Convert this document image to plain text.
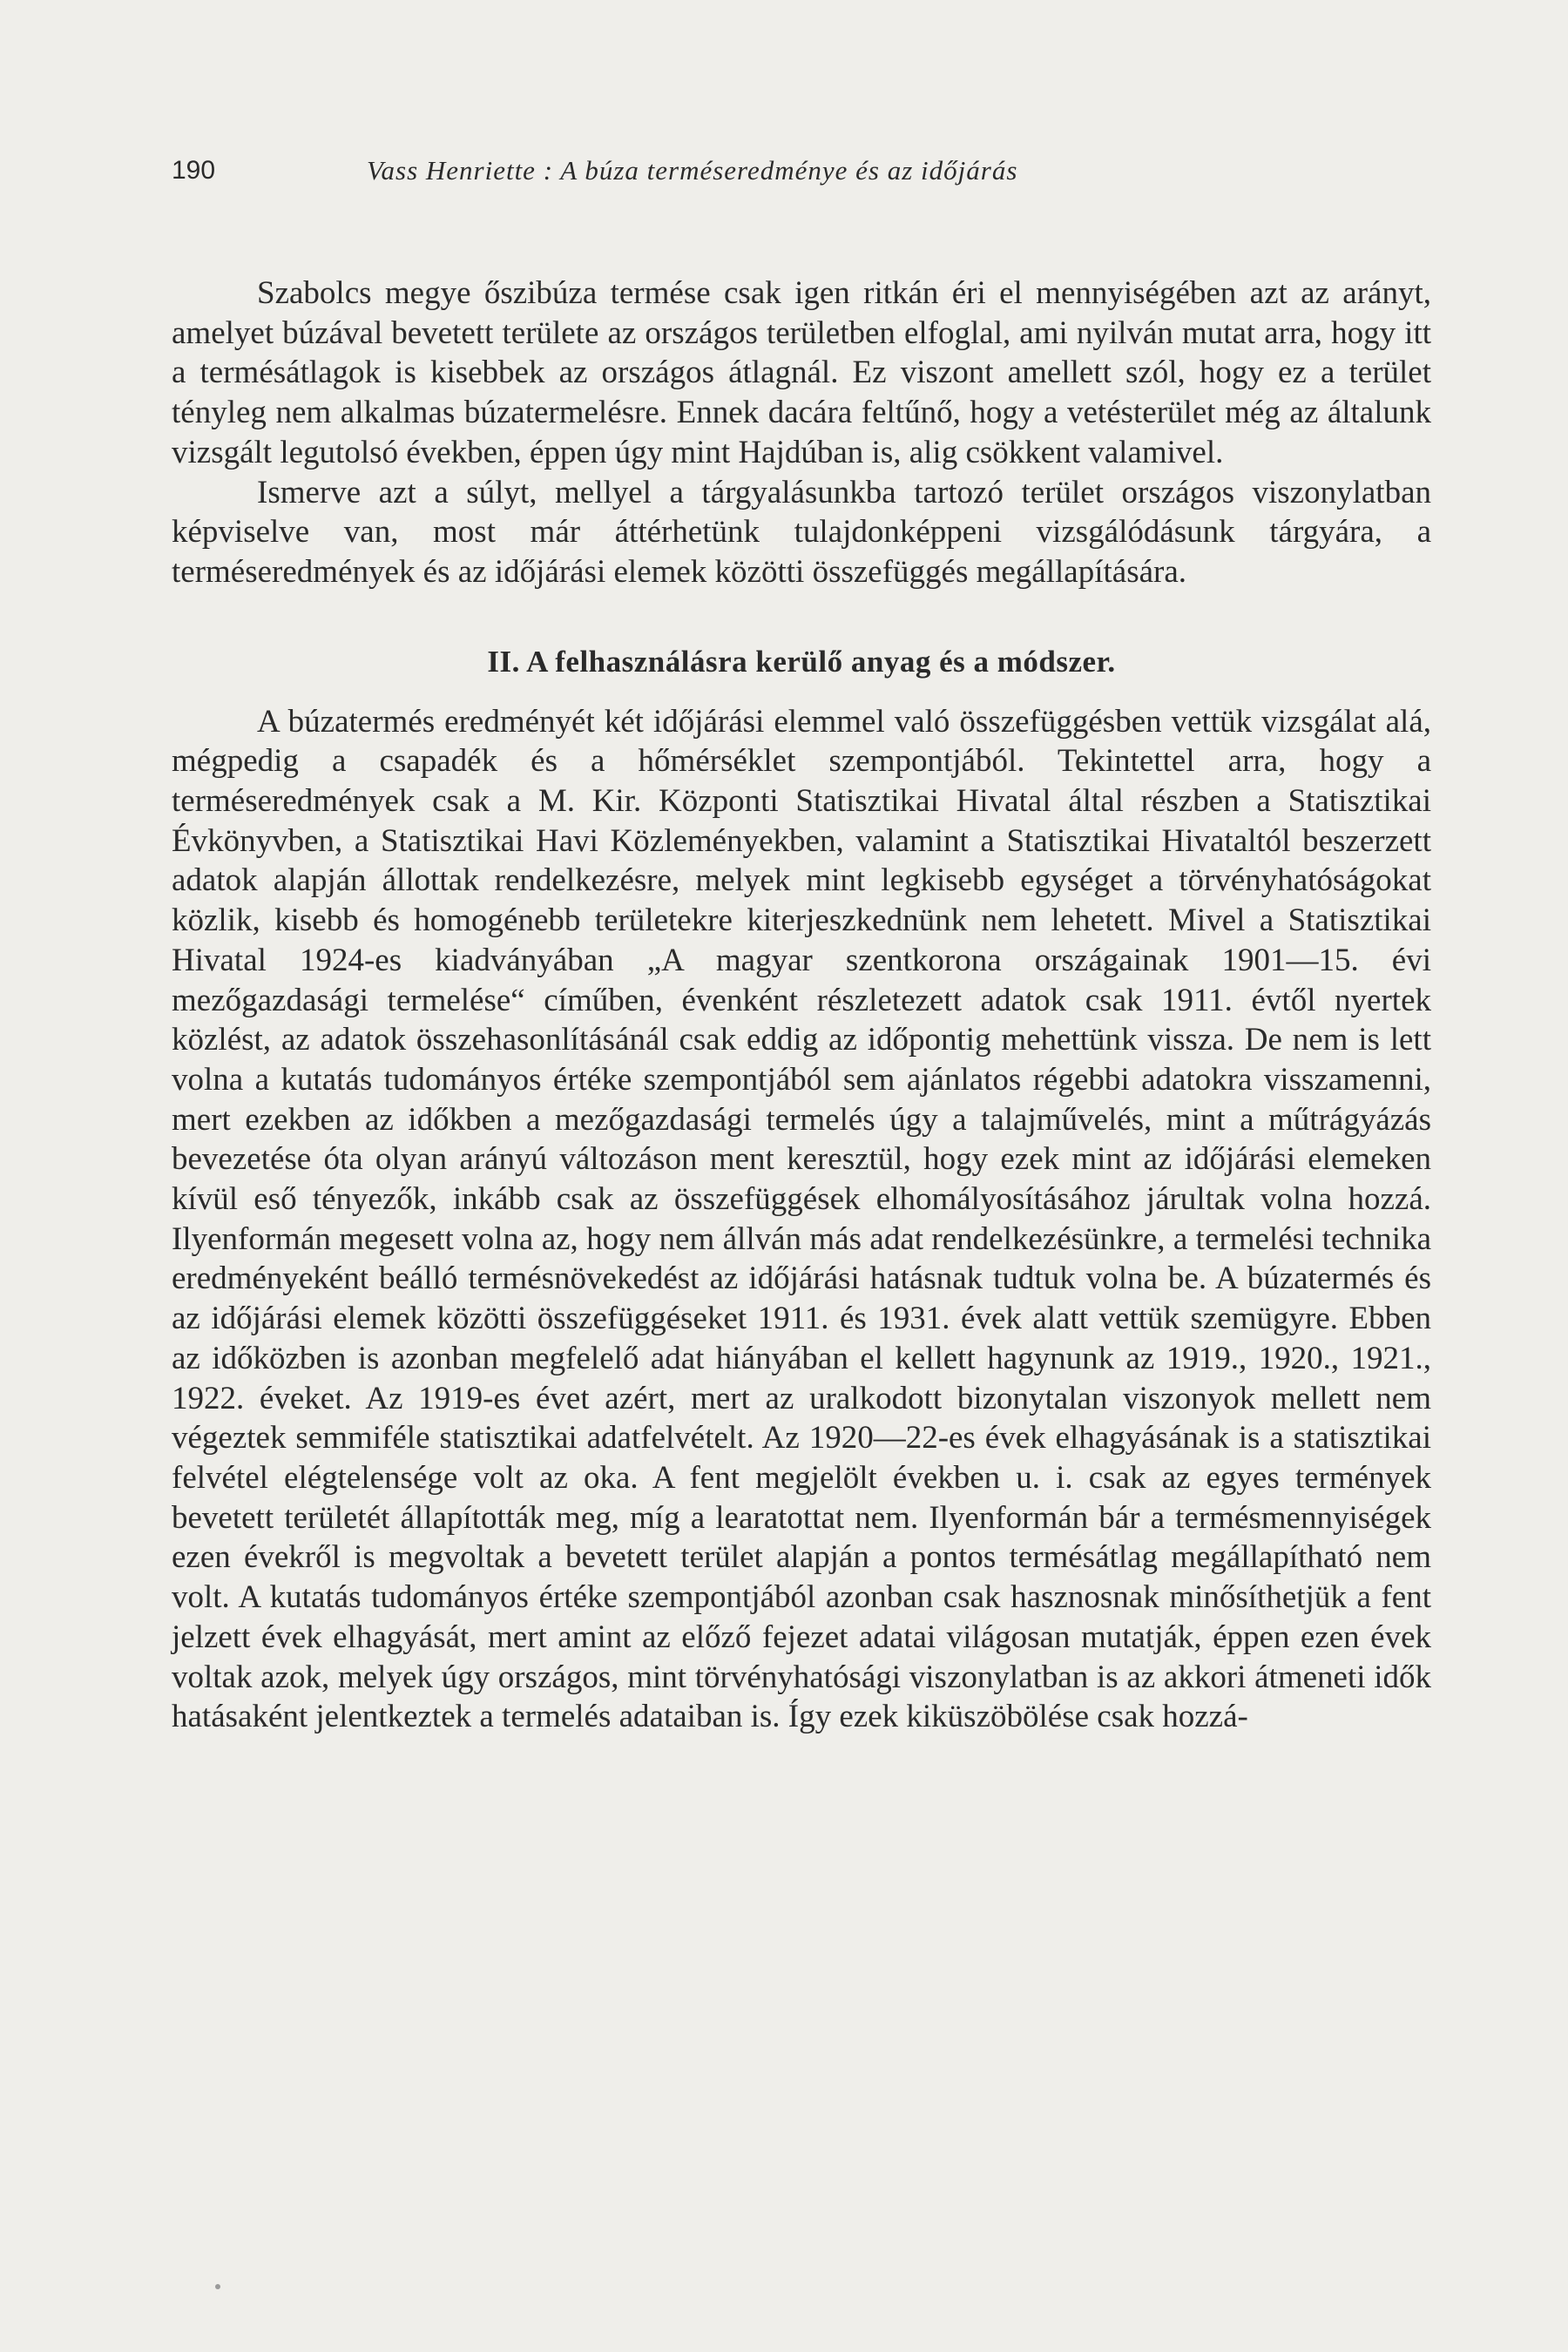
190	Vass Henriette : A búza terméseredménye és az időjárás

Szabolcs megye őszibúza termése csak igen ritkán éri el mennyiségében azt az arányt, amelyet búzával bevetett területe az országos területben elfoglal, ami nyilván mutat arra, hogy itt a termésátlagok is kisebbek az országos átlagnál. Ez viszont amellett szól, hogy ez a terület tényleg nem alkalmas búzatermelésre. Ennek dacára feltűnő, hogy a vetésterület még az általunk vizsgált legutolsó években, éppen úgy mint Hajdúban is, alig csökkent valamivel.

Ismerve azt a súlyt, mellyel a tárgyalásunkba tartozó terület országos viszonylatban képviselve van, most már áttérhetünk tulajdonképpeni vizsgálódásunk tárgyára, a terméseredmények és az időjárási elemek közötti összefüggés megállapítására.

II. A felhasználásra kerülő anyag és a módszer.

A búzatermés eredményét két időjárási elemmel való összefüggésben vettük vizsgálat alá, mégpedig a csapadék és a hőmérséklet szempontjából. Tekintettel arra, hogy a terméseredmények csak a M. Kir. Központi Statisztikai Hivatal által részben a Statisztikai Évkönyvben, a Statisztikai Havi Közleményekben, valamint a Statisztikai Hivataltól beszerzett adatok alapján állottak rendelkezésre, melyek mint legkisebb egységet a törvényhatóságokat közlik, kisebb és homogénebb területekre kiterjeszkednünk nem lehetett. Mivel a Statisztikai Hivatal 1924-es kiadványában „A magyar szentkorona országainak 1901—15. évi mezőgazdasági termelése“ címűben, évenként részletezett adatok csak 1911. évtől nyertek közlést, az adatok összehasonlításánál csak eddig az időpontig mehettünk vissza. De nem is lett volna a kutatás tudományos értéke szempontjából sem ajánlatos régebbi adatokra visszamenni, mert ezekben az időkben a mezőgazdasági termelés úgy a talajművelés, mint a műtrágyázás bevezetése óta olyan arányú változáson ment keresztül, hogy ezek mint az időjárási elemeken kívül eső tényezők, inkább csak az összefüggések elhomályosításához járultak volna hozzá. Ilyenformán megesett volna az, hogy nem állván más adat rendelkezésünkre, a termelési technika eredményeként beálló termésnövekedést az időjárási hatásnak tudtuk volna be. A búzatermés és az időjárási elemek közötti összefüggéseket 1911. és 1931. évek alatt vettük szemügyre. Ebben az időközben is azonban megfelelő adat hiányában el kellett hagynunk az 1919., 1920., 1921., 1922. éveket. Az 1919-es évet azért, mert az uralkodott bizonytalan viszonyok mellett nem végeztek semmiféle statisztikai adatfelvételt. Az 1920—22-es évek elhagyásának is a statisztikai felvétel elégtelensége volt az oka. A fent megjelölt években u. i. csak az egyes termények bevetett területét állapították meg, míg a learatottat nem. Ilyenformán bár a termésmennyiségek ezen évekről is megvoltak a bevetett terület alapján a pontos termésátlag megállapítható nem volt. A kutatás tudományos értéke szempontjából azonban csak hasznosnak minősíthetjük a fent jelzett évek elhagyását, mert amint az előző fejezet adatai világosan mutatják, éppen ezen évek voltak azok, melyek úgy országos, mint törvényhatósági viszonylatban is az akkori átmeneti idők hatásaként jelentkeztek a termelés adataiban is. Így ezek kiküszöbölése csak hozzá-
